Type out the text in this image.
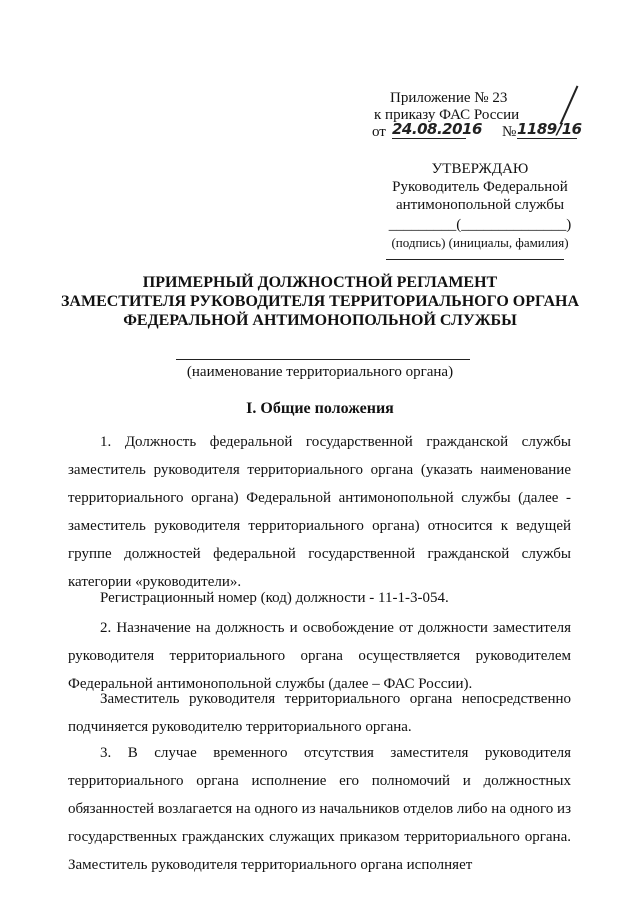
Приложение № 23
к приказу ФАС России
от 24.08.2016 № 1189/16
УТВЕРЖДАЮ
Руководитель Федеральной
антимонопольной службы
_________(______________)
(подпись) (инициалы, фамилия)
ПРИМЕРНЫЙ ДОЛЖНОСТНОЙ РЕГЛАМЕНТ
ЗАМЕСТИТЕЛЯ РУКОВОДИТЕЛЯ ТЕРРИТОРИАЛЬНОГО ОРГАНА
ФЕДЕРАЛЬНОЙ АНТИМОНОПОЛЬНОЙ СЛУЖБЫ
(наименование территориального органа)
I. Общие положения

1. Должность федеральной государственной гражданской службы заместитель руководителя территориального органа (указать наименование территориального органа) Федеральной антимонопольной службы (далее - заместитель руководителя территориального органа) относится к ведущей группе должностей федеральной государственной гражданской службы категории «руководители».

Регистрационный номер (код) должности - 11-1-3-054.

2. Назначение на должность и освобождение от должности заместителя руководителя территориального органа осуществляется руководителем Федеральной антимонопольной службы (далее – ФАС России).

Заместитель руководителя территориального органа непосредственно подчиняется руководителю территориального органа.

3. В случае временного отсутствия заместителя руководителя территориального органа исполнение его полномочий и должностных обязанностей возлагается на одного из начальников отделов либо на одного из государственных гражданских служащих приказом территориального органа. Заместитель руководителя территориального органа исполняет
